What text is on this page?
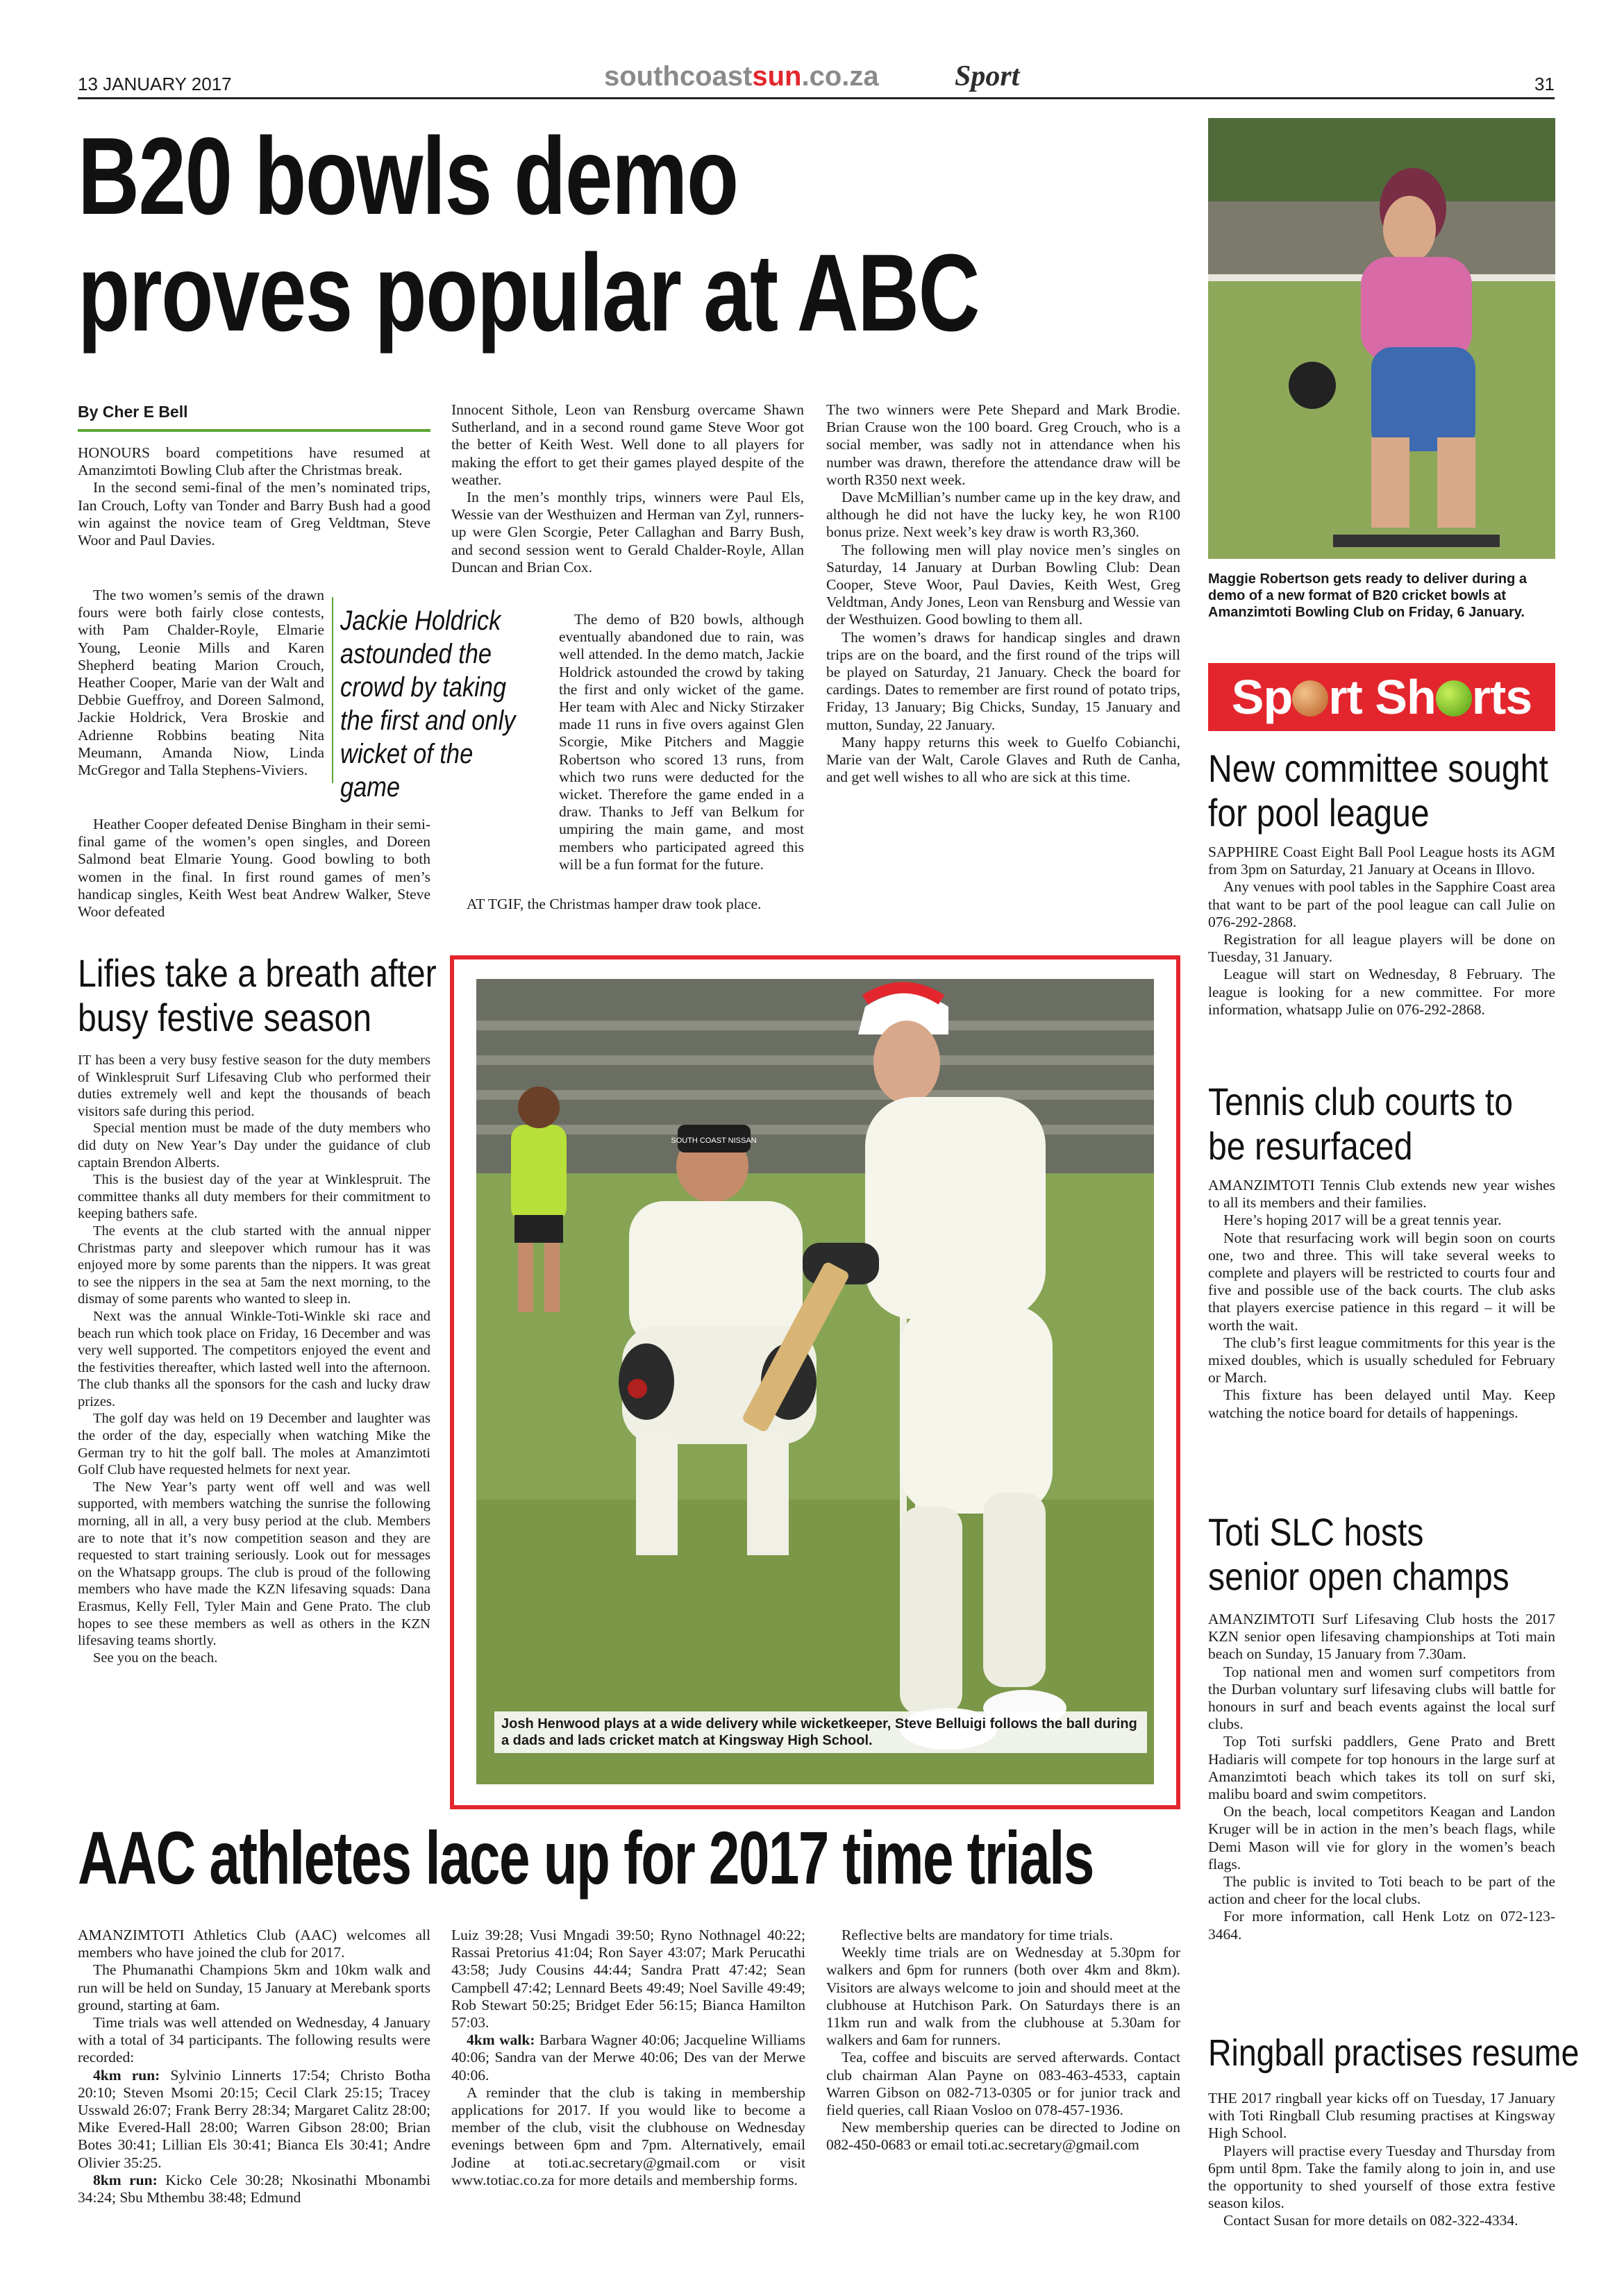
13 JANUARY 2017	southcoastsun.co.za	Sport	31
B20 bowls demo
proves popular at ABC
Maggie Robertson gets ready to deliver during a demo of a new format of B20 cricket bowls at Amanzimtoti Bowling Club on Friday, 6 January.
Sp rt Sh rts
By Cher E Bell

HONOURS board competitions have resumed at Amanzimtoti Bowling Club after the Christmas break.

In the second semi-final of the men’s nominated trips, Ian Crouch, Lofty van Tonder and Barry Bush had a good win against the novice team of Greg Veldtman, Steve Woor and Paul Davies.

The two women’s semis of the drawn fours were both fairly close contests, with Pam Chalder-Royle, Elmarie Young, Leonie Mills and Karen Shepherd beating Marion Crouch, Heather Cooper, Marie van der Walt and Debbie Gueffroy, and Doreen Salmond, Jackie Holdrick, Vera Broskie and Adrienne Robbins beating Nita Meumann, Amanda Niow, Linda McGregor and Talla Stephens-Viviers.

Heather Cooper defeated Denise Bingham in their semi-final game of the women’s open singles, and Doreen Salmond beat Elmarie Young. Good bowling to both women in the final. In first round games of men’s handicap singles, Keith West beat Andrew Walker, Steve Woor defeated

Jackie Holdrick astounded the crowd by taking the first and only wicket of the game

Innocent Sithole, Leon van Rensburg overcame Shawn Sutherland, and in a second round game Steve Woor got the better of Keith West. Well done to all players for making the effort to get their games played despite of the weather.

In the men’s monthly trips, winners were Paul Els, Wessie van der Westhuizen and Herman van Zyl, runners-up were Glen Scorgie, Peter Callaghan and Barry Bush, and second session went to Gerald Chalder-Royle, Allan Duncan and Brian Cox.

The demo of B20 bowls, although eventually abandoned due to rain, was well attended. In the demo match, Jackie Holdrick astounded the crowd by taking the first and only wicket of the game. Her team with Alec and Nicky Stirzaker made 11 runs in five overs against Glen Scorgie, Mike Pitchers and Maggie Robertson who scored 13 runs, from which two runs were deducted for the wicket. Therefore the game ended in a draw. Thanks to Jeff van Belkum for umpiring the main game, and most members who participated agreed this will be a fun format for the future.

AT TGIF, the Christmas hamper draw took place.

The two winners were Pete Shepard and Mark Brodie. Brian Crause won the 100 board. Greg Crouch, who is a social member, was sadly not in attendance when his number was drawn, therefore the attendance draw will be worth R350 next week.

Dave McMillian’s number came up in the key draw, and although he did not have the lucky key, he won R100 bonus prize. Next week’s key draw is worth R3,360.

The following men will play novice men’s singles on Saturday, 14 January at Durban Bowling Club: Dean Cooper, Steve Woor, Paul Davies, Keith West, Greg Veldtman, Andy Jones, Leon van Rensburg and Wessie van der Westhuizen. Good bowling to them all.

The women’s draws for handicap singles and drawn trips are on the board, and the first round of the trips will be played on Saturday, 21 January. Check the board for cardings. Dates to remember are first round of potato trips, Friday, 13 January; Big Chicks, Sunday, 15 January and mutton, Sunday, 22 January.

Many happy returns this week to Guelfo Cobianchi, Marie van der Walt, Carole Glaves and Ruth de Canha, and get well wishes to all who are sick at this time.

Lifies take a breath after
busy festive season

IT has been a very busy festive season for the duty members of Winklespruit Surf Lifesaving Club who performed their duties extremely well and kept the thousands of beach visitors safe during this period.

Special mention must be made of the duty members who did duty on New Year’s Day under the guidance of club captain Brendon Alberts.

This is the busiest day of the year at Winklespruit. The committee thanks all duty members for their commitment to keeping bathers safe.

The events at the club started with the annual nipper Christmas party and sleepover which rumour has it was enjoyed more by some parents than the nippers. It was great to see the nippers in the sea at 5am the next morning, to the dismay of some parents who wanted to sleep in.

Next was the annual Winkle-Toti-Winkle ski race and beach run which took place on Friday, 16 December and was very well supported. The competitors enjoyed the event and the festivities thereafter, which lasted well into the afternoon. The club thanks all the sponsors for the cash and lucky draw prizes.

The golf day was held on 19 December and laughter was the order of the day, especially when watching Mike the German try to hit the golf ball. The moles at Amanzimtoti Golf Club have requested helmets for next year.

The New Year’s party went off well and was well supported, with members watching the sunrise the following morning, all in all, a very busy period at the club. Members are to note that it’s now competition season and they are requested to start training seriously. Look out for messages on the Whatsapp groups. The club is proud of the following members who have made the KZN lifesaving squads: Dana Erasmus, Kelly Fell, Tyler Main and Gene Prato. The club hopes to see these members as well as others in the KZN lifesaving teams shortly.

See you on the beach.

SOUTH COAST NISSAN
Josh Henwood plays at a wide delivery while wicketkeeper, Steve Belluigi follows the ball during a dads and lads cricket match at Kingsway High School.
New committee sought
for pool league

SAPPHIRE Coast Eight Ball Pool League hosts its AGM from 3pm on Saturday, 21 January at Oceans in Illovo.

Any venues with pool tables in the Sapphire Coast area that want to be part of the pool league can call Julie on 076-292-2868.

Registration for all league players will be done on Tuesday, 31 January.

League will start on Wednesday, 8 February. The league is looking for a new committee. For more information, whatsapp Julie on 076-292-2868.

Tennis club courts to
be resurfaced

AMANZIMTOTI Tennis Club extends new year wishes to all its members and their families.

Here’s hoping 2017 will be a great tennis year.

Note that resurfacing work will begin soon on courts one, two and three. This will take several weeks to complete and players will be restricted to courts four and five and possible use of the back courts. The club asks that players exercise patience in this regard – it will be worth the wait.

The club’s first league commitments for this year is the mixed doubles, which is usually scheduled for February or March.

This fixture has been delayed until May. Keep watching the notice board for details of happenings.

Toti SLC hosts
senior open champs

AMANZIMTOTI Surf Lifesaving Club hosts the 2017 KZN senior open lifesaving championships at Toti main beach on Sunday, 15 January from 7.30am.

Top national men and women surf competitors from the Durban voluntary surf lifesaving clubs will battle for honours in surf and beach events against the local surf clubs.

Top Toti surfski paddlers, Gene Prato and Brett Hadiaris will compete for top honours in the large surf at Amanzimtoti beach which takes its toll on surf ski, malibu board and swim competitors.

On the beach, local competitors Keagan and Landon Kruger will be in action in the men’s beach flags, while Demi Mason will vie for glory in the women’s beach flags.

The public is invited to Toti beach to be part of the action and cheer for the local clubs.

For more information, call Henk Lotz on 072-123-3464.

Ringball practises resume

THE 2017 ringball year kicks off on Tuesday, 17 January with Toti Ringball Club resuming practises at Kingsway High School.

Players will practise every Tuesday and Thursday from 6pm until 8pm. Take the family along to join in, and use the opportunity to shed yourself of those extra festive season kilos.

Contact Susan for more details on 082-322-4334.

AAC athletes lace up for 2017 time trials

AMANZIMTOTI Athletics Club (AAC) welcomes all members who have joined the club for 2017.

The Phumanathi Champions 5km and 10km walk and run will be held on Sunday, 15 January at Merebank sports ground, starting at 6am.

Time trials was well attended on Wednesday, 4 January with a total of 34 participants. The following results were recorded:

4km run: Sylvinio Linnerts 17:54; Christo Botha 20:10; Steven Msomi 20:15; Cecil Clark 25:15; Tracey Usswald 26:07; Frank Berry 28:34; Margaret Calitz 28:00; Mike Evered-Hall 28:00; Warren Gibson 28:00; Brian Botes 30:41; Lillian Els 30:41; Bianca Els 30:41; Andre Olivier 35:25.

8km run: Kicko Cele 30:28; Nkosinathi Mbonambi 34:24; Sbu Mthembu 38:48; Edmund

Luiz 39:28; Vusi Mngadi 39:50; Ryno Nothnagel 40:22; Rassai Pretorius 41:04; Ron Sayer 43:07; Mark Perucathi 43:58; Judy Cousins 44:44; Sandra Pratt 47:42; Sean Campbell 47:42; Lennard Beets 49:49; Noel Saville 49:49; Rob Stewart 50:25; Bridget Eder 56:15; Bianca Hamilton 57:03.

4km walk: Barbara Wagner 40:06; Jacqueline Williams 40:06; Sandra van der Merwe 40:06; Des van der Merwe 40:06.

A reminder that the club is taking in membership applications for 2017. If you would like to become a member of the club, visit the clubhouse on Wednesday evenings between 6pm and 7pm. Alternatively, email Jodine at toti.ac.secretary@gmail.com or visit www.totiac.co.za for more details and membership forms.

Reflective belts are mandatory for time trials.

Weekly time trials are on Wednesday at 5.30pm for walkers and 6pm for runners (both over 4km and 8km). Visitors are always welcome to join and should meet at the clubhouse at Hutchison Park. On Saturdays there is an 11km run and walk from the clubhouse at 5.30am for walkers and 6am for runners.

Tea, coffee and biscuits are served afterwards. Contact club chairman Alan Payne on 083-463-4533, captain Warren Gibson on 082-713-0305 or for junior track and field queries, call Riaan Vosloo on 078-457-1936.

New membership queries can be directed to Jodine on 082-450-0683 or email toti.ac.secretary@gmail.com
